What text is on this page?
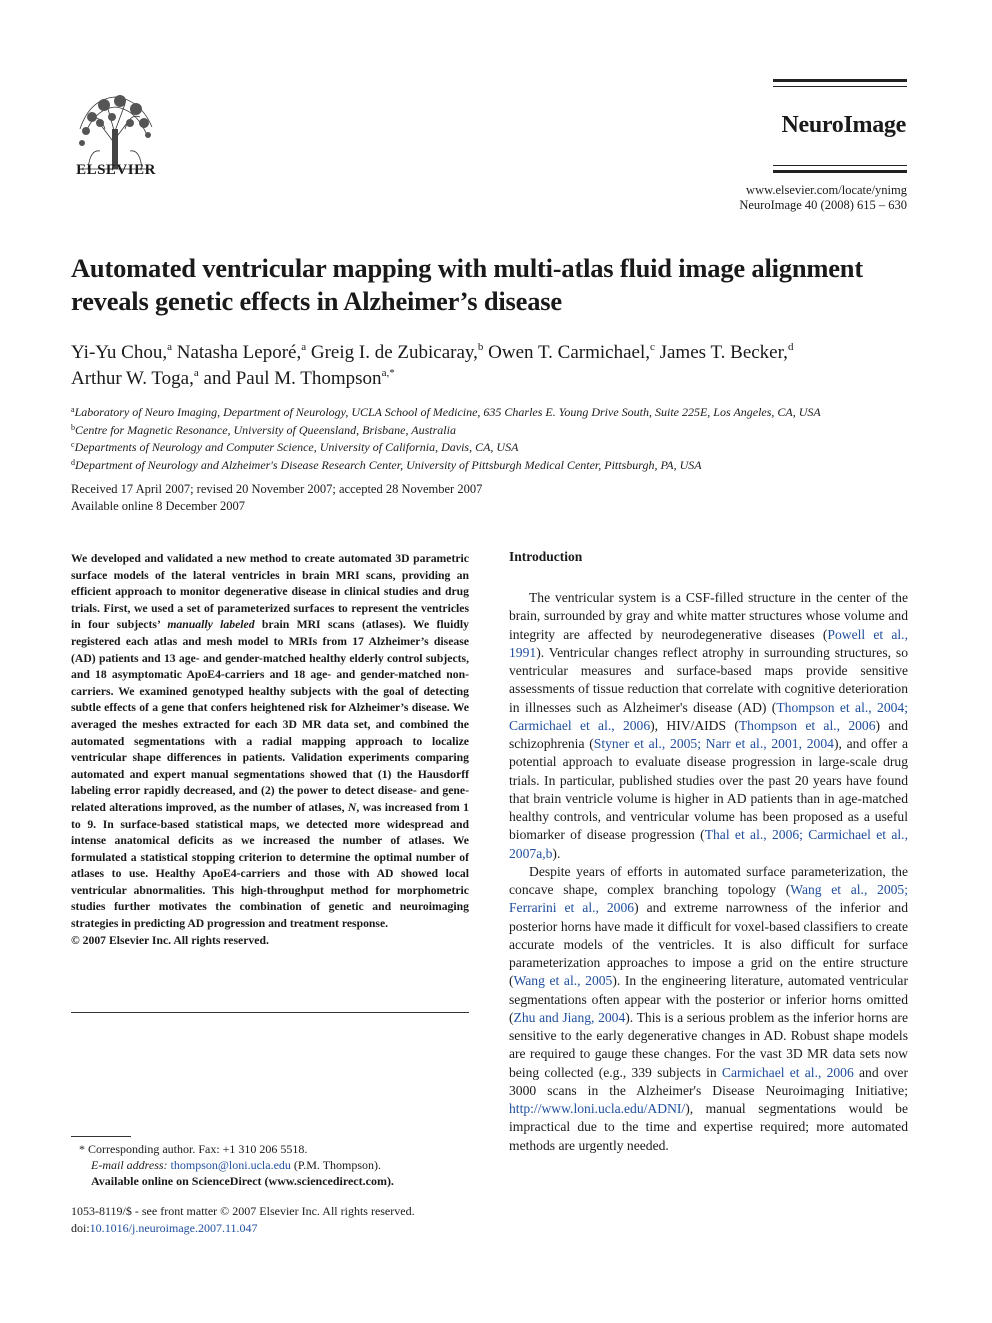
ELSEVIER
NeuroImage
www.elsevier.com/locate/ynimg
NeuroImage 40 (2008) 615 – 630
Automated ventricular mapping with multi-atlas fluid image alignment reveals genetic effects in Alzheimer’s disease
Yi-Yu Chou,$^a$ Natasha Leporé,$^a$ Greig I. de Zubicaray,$^b$ Owen T. Carmichael,$^c$ James T. Becker,$^d$
Arthur W. Toga,$^a$ and Paul M. Thompson$^{a,*}$
$^a$Laboratory of Neuro Imaging, Department of Neurology, UCLA School of Medicine, 635 Charles E. Young Drive South, Suite 225E, Los Angeles, CA, USA
$^b$Centre for Magnetic Resonance, University of Queensland, Brisbane, Australia
$^c$Departments of Neurology and Computer Science, University of California, Davis, CA, USA
$^d$Department of Neurology and Alzheimer's Disease Research Center, University of Pittsburgh Medical Center, Pittsburgh, PA, USA
Received 17 April 2007; revised 20 November 2007; accepted 28 November 2007
Available online 8 December 2007
We developed and validated a new method to create automated 3D parametric surface models of the lateral ventricles in brain MRI scans, providing an efficient approach to monitor degenerative disease in clinical studies and drug trials. First, we used a set of parameterized surfaces to represent the ventricles in four subjects’ manually labeled brain MRI scans (atlases). We fluidly registered each atlas and mesh model to MRIs from 17 Alzheimer’s disease (AD) patients and 13 age- and gender-matched healthy elderly control subjects, and 18 asymptomatic ApoE4-carriers and 18 age- and gender-matched non-carriers. We examined genotyped healthy subjects with the goal of detecting subtle effects of a gene that confers heightened risk for Alzheimer’s disease. We averaged the meshes extracted for each 3D MR data set, and combined the automated segmentations with a radial mapping approach to localize ventricular shape differences in patients. Validation experiments comparing automated and expert manual segmentations showed that (1) the Hausdorff labeling error rapidly decreased, and (2) the power to detect disease- and gene-related alterations improved, as the number of atlases, N, was increased from 1 to 9. In surface-based statistical maps, we detected more widespread and intense anatomical deficits as we increased the number of atlases. We formulated a statistical stopping criterion to determine the optimal number of atlases to use. Healthy ApoE4-carriers and those with AD showed local ventricular abnormalities. This high-throughput method for morphometric studies further motivates the combination of genetic and neuroimaging strategies in predicting AD progression and treatment response.
© 2007 Elsevier Inc. All rights reserved.
* Corresponding author. Fax: +1 310 206 5518.
E-mail address: thompson@loni.ucla.edu (P.M. Thompson).
Available online on ScienceDirect (www.sciencedirect.com).
1053-8119/$ - see front matter © 2007 Elsevier Inc. All rights reserved.
doi:10.1016/j.neuroimage.2007.11.047
Introduction

The ventricular system is a CSF-filled structure in the center of the brain, surrounded by gray and white matter structures whose volume and integrity are affected by neurodegenerative diseases (Powell et al., 1991). Ventricular changes reflect atrophy in surrounding structures, so ventricular measures and surface-based maps provide sensitive assessments of tissue reduction that correlate with cognitive deterioration in illnesses such as Alzheimer's disease (AD) (Thompson et al., 2004; Carmichael et al., 2006), HIV/AIDS (Thompson et al., 2006) and schizophrenia (Styner et al., 2005; Narr et al., 2001, 2004), and offer a potential approach to evaluate disease progression in large-scale drug trials. In particular, published studies over the past 20 years have found that brain ventricle volume is higher in AD patients than in age-matched healthy controls, and ventricular volume has been proposed as a useful biomarker of disease progression (Thal et al., 2006; Carmichael et al., 2007a,b).

Despite years of efforts in automated surface parameterization, the concave shape, complex branching topology (Wang et al., 2005; Ferrarini et al., 2006) and extreme narrowness of the inferior and posterior horns have made it difficult for voxel-based classifiers to create accurate models of the ventricles. It is also difficult for surface parameterization approaches to impose a grid on the entire structure (Wang et al., 2005). In the engineering literature, automated ventricular segmentations often appear with the posterior or inferior horns omitted (Zhu and Jiang, 2004). This is a serious problem as the inferior horns are sensitive to the early degenerative changes in AD. Robust shape models are required to gauge these changes. For the vast 3D MR data sets now being collected (e.g., 339 subjects in Carmichael et al., 2006 and over 3000 scans in the Alzheimer's Disease Neuroimaging Initiative; http://www.loni.ucla.edu/ADNI/), manual segmentations would be impractical due to the time and expertise required; more automated methods are urgently needed.
